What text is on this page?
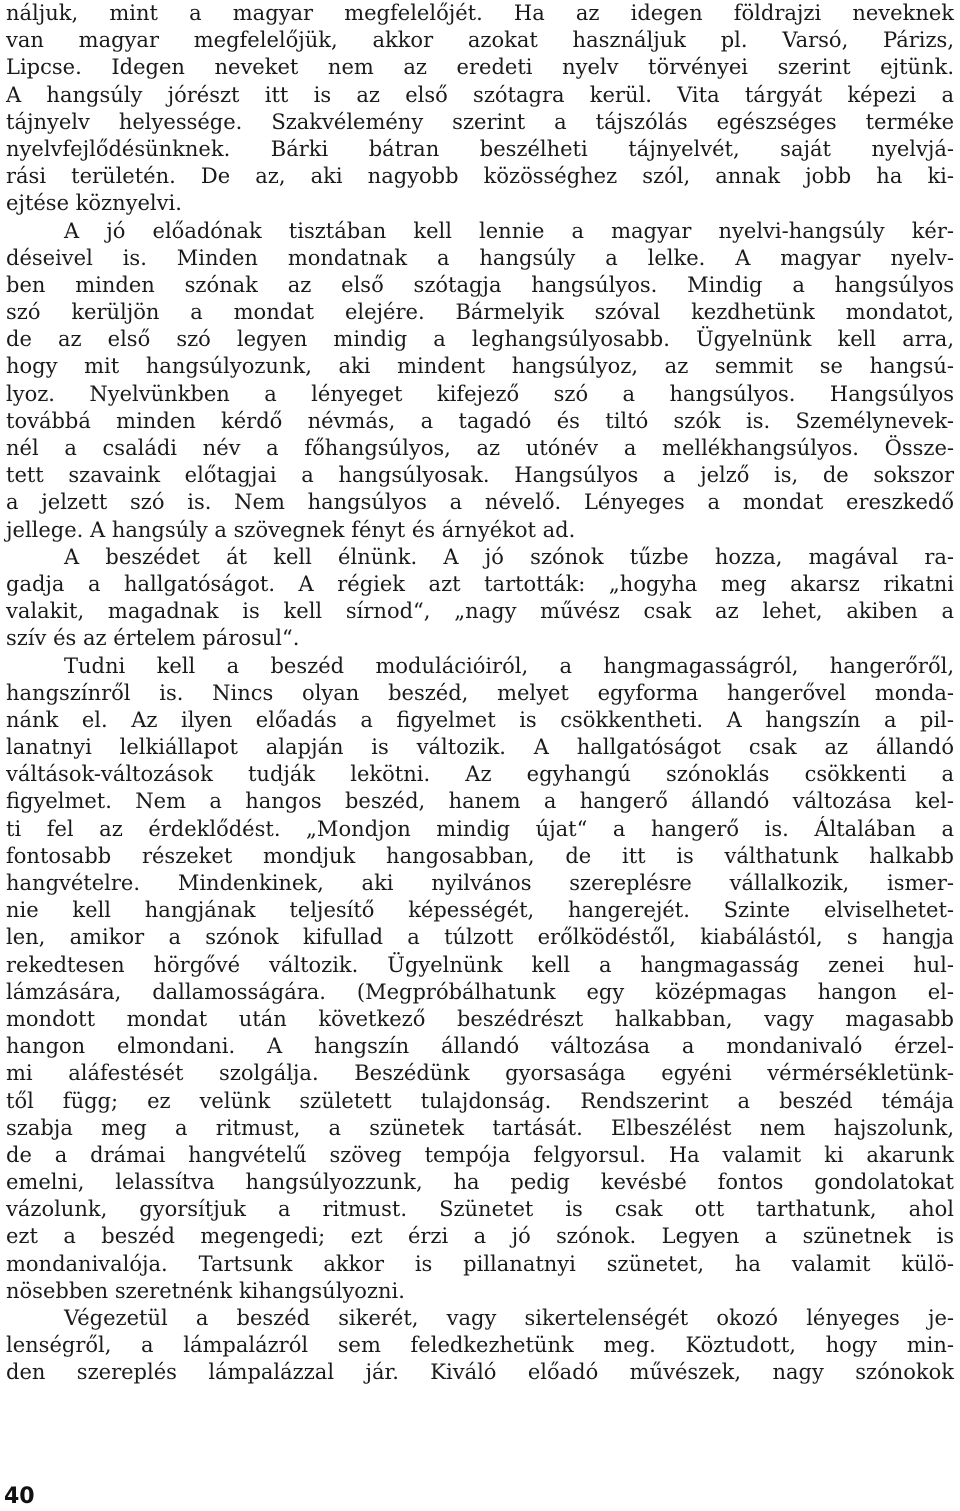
nálјuk, mint a magyar megfelelőjét. Ha az idegen földrajzi neveknek
van magyar megfelelőjük, akkor azokat használjuk pl. Varsó, Párizs,
Lipcse. Idegen neveket nem az eredeti nyelv törvényei szerint ejtünk.
A hangsúly jórészt itt is az első szótagra kerül. Vita tárgyát képezi a
tájnyelv helyessége. Szakvélemény szerint a tájszólás egészséges terméke
nyelvfejlődésünknek. Bárki bátran beszélheti tájnyelvét, saját nyelvjá-
rási területén. De az, aki nagyobb közösséghez szól, annak jobb ha ki-
ejtése köznyelvi.
A jó előadónak tisztában kell lennie a magyar nyelvi-hangsúly kér-
déseivel is. Minden mondatnak a hangsúly a lelke. A magyar nyelv-
ben minden szónak az első szótagja hangsúlyos. Mindig a hangsúlyos
szó kerüljön a mondat elejére. Bármelyik szóval kezdhetünk mondatot,
de az első szó legyen mindig a leghangsúlyosabb. Ügyelnünk kell arra,
hogy mit hangsúlyozunk, aki mindent hangsúlyoz, az semmit se hangsú-
lyoz. Nyelvünkben a lényeget kifejező szó a hangsúlyos. Hangsúlyos
továbbá minden kérdő névmás, a tagadó és tiltó szók is. Személynevek-
nél a családi név a főhangsúlyos, az utónév a mellékhangsúlyos. Össze-
tett szavaink előtagjai a hangsúlyosak. Hangsúlyos a jelző is, de sokszor
a jelzett szó is. Nem hangsúlyos a névelő. Lényeges a mondat ereszkedő
jellege. A hangsúly a szövegnek fényt és árnyékot ad.
A beszédet át kell élnünk. A jó szónok tűzbe hozza, magával ra-
gadja a hallgatóságot. A régiek azt tartották: „hogyha meg akarsz rikatni
valakit, magadnak is kell sírnod“, „nagy művész csak az lehet, akiben a
szív és az értelem párosul“.
Tudni kell a beszéd modulációiról, a hangmagasságról, hangerőről,
hangszínről is. Nincs olyan beszéd, melyet egyforma hangerővel monda-
nánk el. Az ilyen előadás a figyelmet is csökkentheti. A hangszín a pil-
lanatnyi lelkiállapot alapján is változik. A hallgatóságot csak az állandó
váltások-változások tudják lekötni. Az egyhangú szónoklás csökkenti a
figyelmet. Nem a hangos beszéd, hanem a hangerő állandó változása kel-
ti fel az érdeklődést. „Mondjon mindig újat“ a hangerő is. Általában a
fontosabb részeket mondjuk hangosabban, de itt is válthatunk halkabb
hangvételre. Mindenkinek, aki nyilvános szereplésre vállalkozik, ismer-
nie kell hangjának teljesítő képességét, hangerejét. Szinte elviselhetet-
len, amikor a szónok kifullad a túlzott erőlködéstől, kiabálástól, s hangja
rekedtesen hörgővé változik. Ügyelnünk kell a hangmagasság zenei hul-
lámzására, dallamosságára. (Megpróbálhatunk egy középmagas hangon el-
mondott mondat után következő beszédrészt halkabban, vagy magasabb
hangon elmondani. A hangszín állandó változása a mondanivaló érzel-
mi aláfestését szolgálja. Beszédünk gyorsasága egyéni vérmérsékletünk-
től függ; ez velünk született tulajdonság. Rendszerint a beszéd témája
szabja meg a ritmust, a szünetek tartását. Elbeszélést nem hajszolunk,
de a drámai hangvételű szöveg tempója felgyorsul. Ha valamit ki akarunk
emelni, lelassítva hangsúlyozzunk, ha pedig kevésbé fontos gondolatokat
vázolunk, gyorsítjuk a ritmust. Szünetet is csak ott tarthatunk, ahol
ezt a beszéd megengedi; ezt érzi a jó szónok. Legyen a szünetnek is
mondanivalója. Tartsunk akkor is pillanatnyi szünetet, ha valamit külö-
nösebben szeretnénk kihangsúlyozni.
Végezetül a beszéd sikerét, vagy sikertelenségét okozó lényeges je-
lenségről, a lámpalázról sem feledkezhetünk meg. Köztudott, hogy min-
den szereplés lámpalázzal jár. Kiváló előadó művészek, nagy szónokok
40
